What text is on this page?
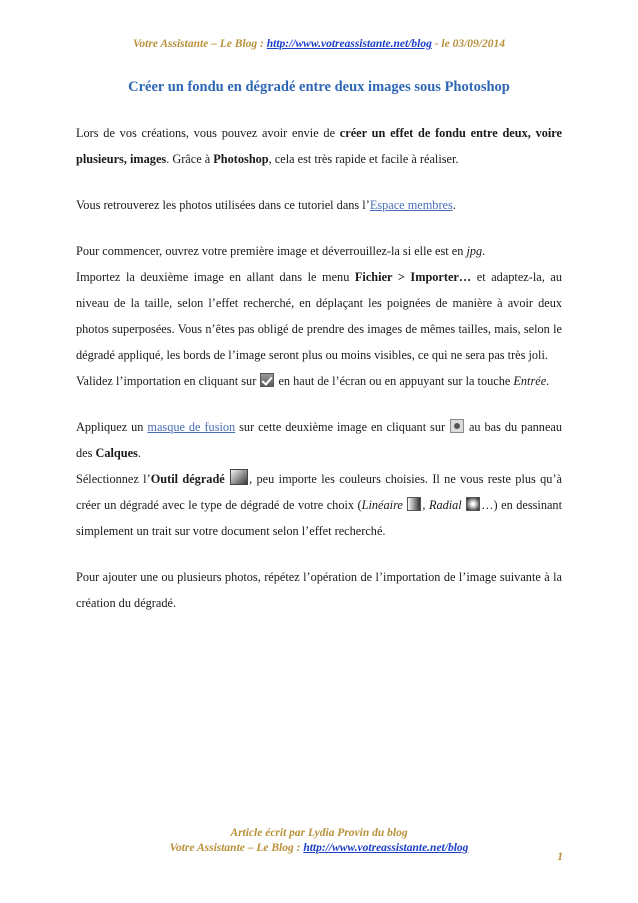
Votre Assistante – Le Blog : http://www.votreassistante.net/blog - le 03/09/2014
Créer un fondu en dégradé entre deux images sous Photoshop

Lors de vos créations, vous pouvez avoir envie de créer un effet de fondu entre deux, voire plusieurs, images. Grâce à Photoshop, cela est très rapide et facile à réaliser.

Vous retrouverez les photos utilisées dans ce tutoriel dans l’Espace membres.

Pour commencer, ouvrez votre première image et déverrouillez-la si elle est en jpg.

Importez la deuxième image en allant dans le menu Fichier > Importer… et adaptez-la, au niveau de la taille, selon l’effet recherché, en déplaçant les poignées de manière à avoir deux photos superposées. Vous n’êtes pas obligé de prendre des images de mêmes tailles, mais, selon le dégradé appliqué, les bords de l’image seront plus ou moins visibles, ce qui ne sera pas très joli.

Validez l’importation en cliquant sur  en haut de l’écran ou en appuyant sur la touche Entrée.

Appliquez un masque de fusion sur cette deuxième image en cliquant sur  au bas du panneau des Calques.

Sélectionnez l’Outil dégradé , peu importe les couleurs choisies. Il ne vous reste plus qu’à créer un dégradé avec le type de dégradé de votre choix (Linéaire , Radial …) en dessinant simplement un trait sur votre document selon l’effet recherché.

Pour ajouter une ou plusieurs photos, répétez l’opération de l’importation de l’image suivante à la création du dégradé.

Article écrit par Lydia Provin du blog
Votre Assistante – Le Blog : http://www.votreassistante.net/blog
1
